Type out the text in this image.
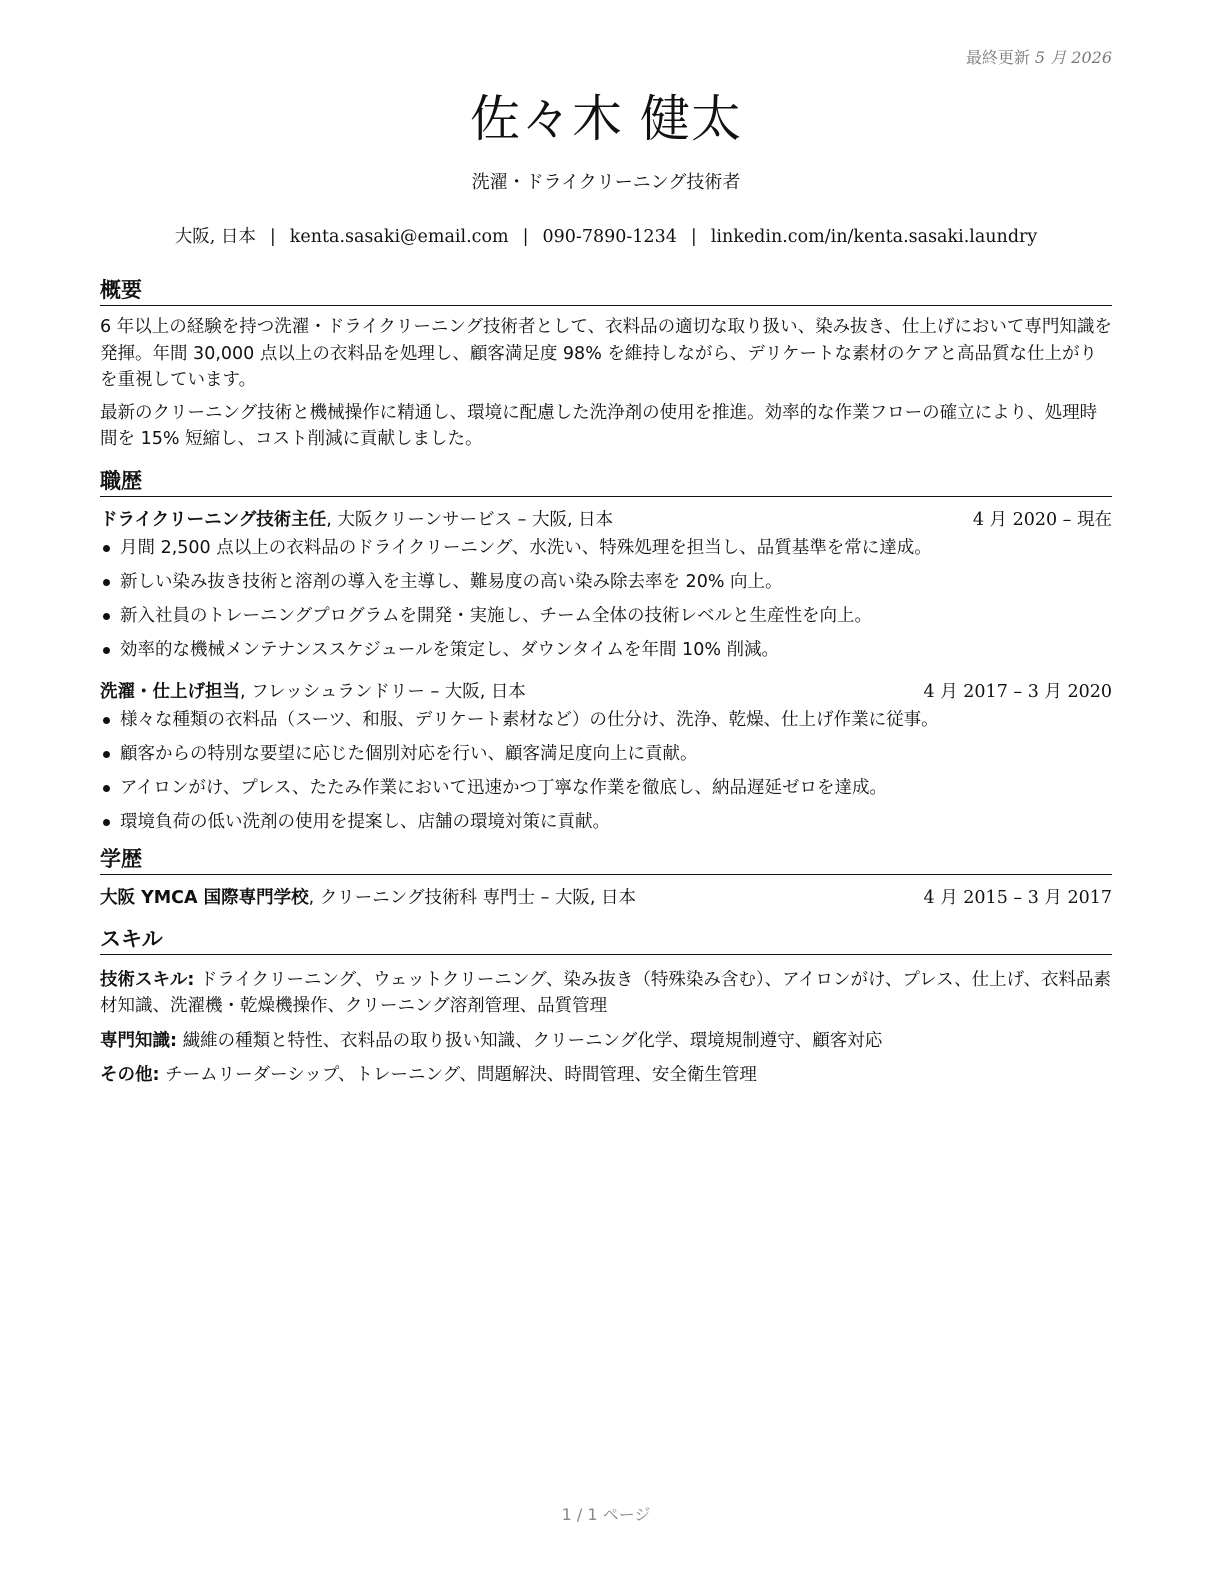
最終更新 5 月 2026
佐々木 健太
洗濯・ドライクリーニング技術者
大阪, 日本 | kenta.sasaki@email.com | 090-7890-1234 | linkedin.com/in/kenta.sasaki.laundry
概要

6 年以上の経験を持つ洗濯・ドライクリーニング技術者として、衣料品の適切な取り扱い、染み抜き、仕上げにおいて専門知識を発揮。年間 30,000 点以上の衣料品を処理し、顧客満足度 98% を維持しながら、デリケートな素材のケアと高品質な仕上がりを重視しています。

最新のクリーニング技術と機械操作に精通し、環境に配慮した洗浄剤の使用を推進。効率的な作業フローの確立により、処理時間を 15% 短縮し、コスト削減に貢献しました。

職歴
ドライクリーニング技術主任, 大阪クリーンサービス – 大阪, 日本	4 月 2020 – 現在
月間 2,500 点以上の衣料品のドライクリーニング、水洗い、特殊処理を担当し、品質基準を常に達成。
新しい染み抜き技術と溶剤の導入を主導し、難易度の高い染み除去率を 20% 向上。
新入社員のトレーニングプログラムを開発・実施し、チーム全体の技術レベルと生産性を向上。
効率的な機械メンテナンススケジュールを策定し、ダウンタイムを年間 10% 削減。
洗濯・仕上げ担当, フレッシュランドリー – 大阪, 日本	4 月 2017 – 3 月 2020
様々な種類の衣料品（スーツ、和服、デリケート素材など）の仕分け、洗浄、乾燥、仕上げ作業に従事。
顧客からの特別な要望に応じた個別対応を行い、顧客満足度向上に貢献。
アイロンがけ、プレス、たたみ作業において迅速かつ丁寧な作業を徹底し、納品遅延ゼロを達成。
環境負荷の低い洗剤の使用を提案し、店舗の環境対策に貢献。
学歴
大阪 YMCA 国際専門学校, クリーニング技術科 専門士 – 大阪, 日本	4 月 2015 – 3 月 2017
スキル

技術スキル: ドライクリーニング、ウェットクリーニング、染み抜き（特殊染み含む）、アイロンがけ、プレス、仕上げ、衣料品素材知識、洗濯機・乾燥機操作、クリーニング溶剤管理、品質管理

専門知識: 繊維の種類と特性、衣料品の取り扱い知識、クリーニング化学、環境規制遵守、顧客対応

その他: チームリーダーシップ、トレーニング、問題解決、時間管理、安全衛生管理

1 / 1 ページ
